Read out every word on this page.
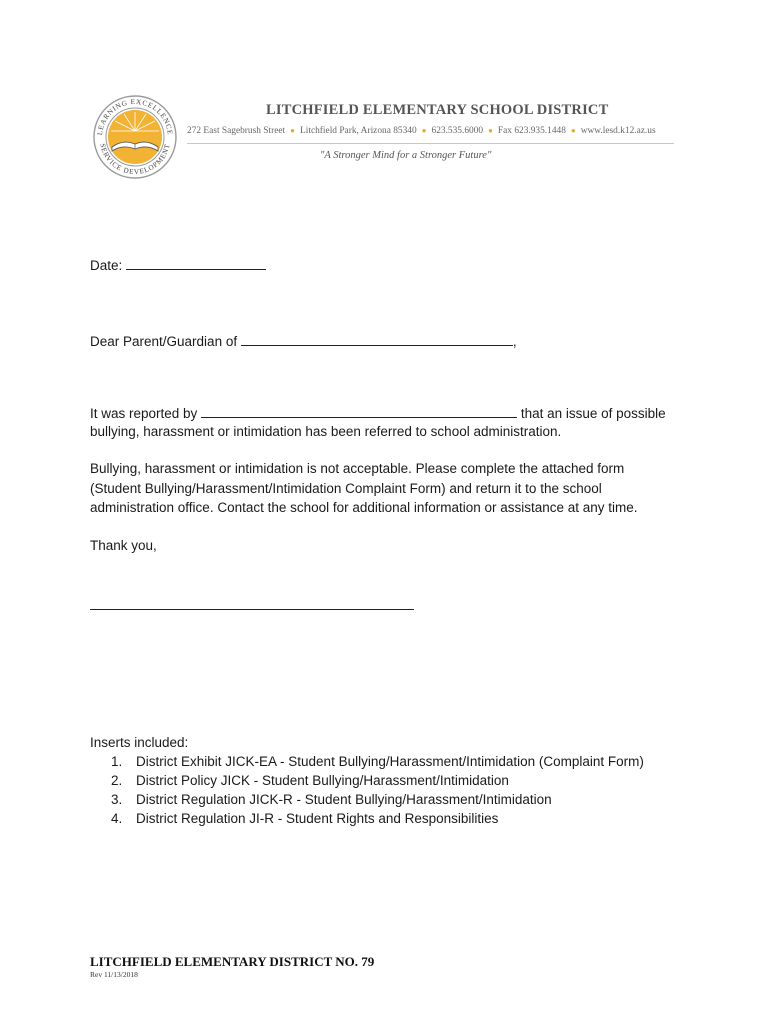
LEARNING EXCELLENCE
SERVICE DEVELOPMENT
LITCHFIELD ELEMENTARY SCHOOL DISTRICT
272 East Sagebrush Street ● Litchfield Park, Arizona 85340 ● 623.535.6000 ● Fax 623.935.1448 ● www.lesd.k12.az.us
"A Stronger Mind for a Stronger Future"
Date:
Dear Parent/Guardian of	,
It was reported by	that an issue of possible
bullying, harassment or intimidation has been referred to school administration.
Bullying, harassment or intimidation is not acceptable. Please complete the attached form
(Student Bullying/Harassment/Intimidation Complaint Form) and return it to the school
administration office. Contact the school for additional information or assistance at any time.
Thank you,
Inserts included:
1. District Exhibit JICK-EA - Student Bullying/Harassment/Intimidation (Complaint Form)
2. District Policy JICK - Student Bullying/Harassment/Intimidation
3. District Regulation JICK-R - Student Bullying/Harassment/Intimidation
4. District Regulation JI-R - Student Rights and Responsibilities
LITCHFIELD ELEMENTARY DISTRICT NO. 79
Rev 11/13/2018
